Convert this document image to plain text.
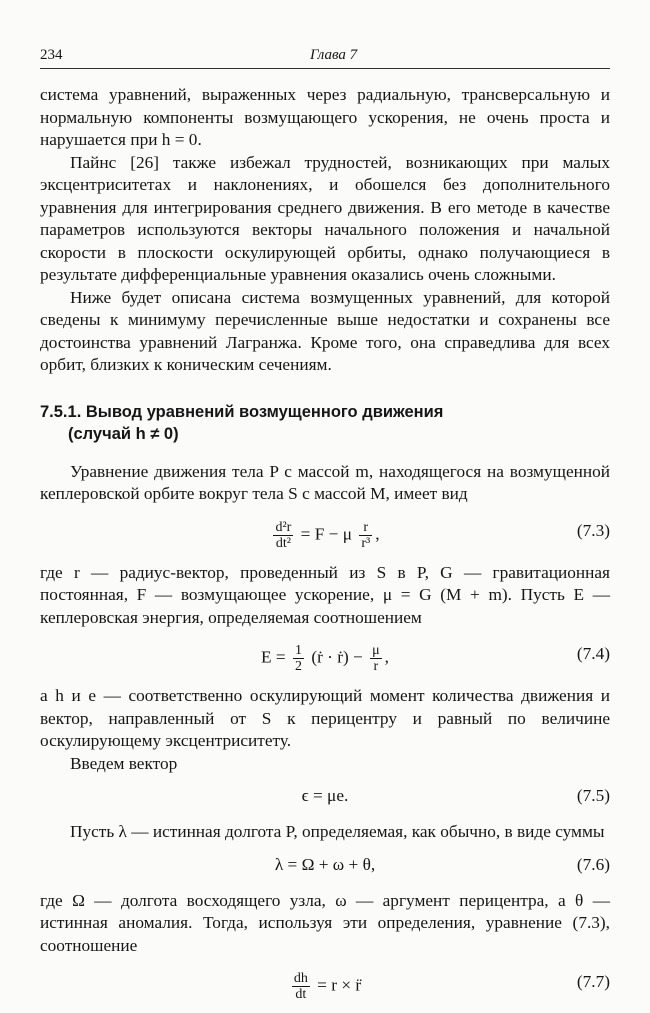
234	Глава 7

система уравнений, выраженных через радиальную, трансверсальную и нормальную компоненты возмущающего ускорения, не очень проста и нарушается при h = 0.

Пайнс [26] также избежал трудностей, возникающих при малых эксцентриситетах и наклонениях, и обошелся без дополнительного уравнения для интегрирования среднего движения. В его методе в качестве параметров используются векторы начального положения и начальной скорости в плоскости оскулирующей орбиты, однако получающиеся в результате дифференциальные уравнения оказались очень сложными.

Ниже будет описана система возмущенных уравнений, для которой сведены к минимуму перечисленные выше недостатки и сохранены все достоинства уравнений Лагранжа. Кроме того, она справедлива для всех орбит, близких к коническим сечениям.

7.5.1. Вывод уравнений возмущенного движения
(случай h ≠ 0)

Уравнение движения тела P с массой m, находящегося на возмущенной кеплеровской орбите вокруг тела S с массой M, имеет вид

$\frac{\text{d²r}}{\text{dt²}} = F - \mu \frac{r}{\text{r³}}$ ,	(7.3)

где r — радиус-вектор, проведенный из S в P, G — гравитационная постоянная, F — возмущающее ускорение, μ = G (M + m). Пусть E — кеплеровская энергия, определяемая соотношением

$E = \frac{1}{2}$ (ṙ · ṙ) − $\frac{\mu}{r}$ ,	(7.4)

a h и e — соответственно оскулирующий момент количества движения и вектор, направленный от S к перицентру и равный по величине оскулирующему эксцентриситету.

Введем вектор

ϵ = μe.	(7.5)

Пусть λ — истинная долгота P, определяемая, как обычно, в виде суммы

λ = Ω + ω + θ,	(7.6)

где Ω — долгота восходящего узла, ω — аргумент перицентра, а θ — истинная аномалия. Тогда, используя эти определения, уравнение (7.3), соотношение

$\frac{dh}{dt} = r$ × r̈	(7.7)
